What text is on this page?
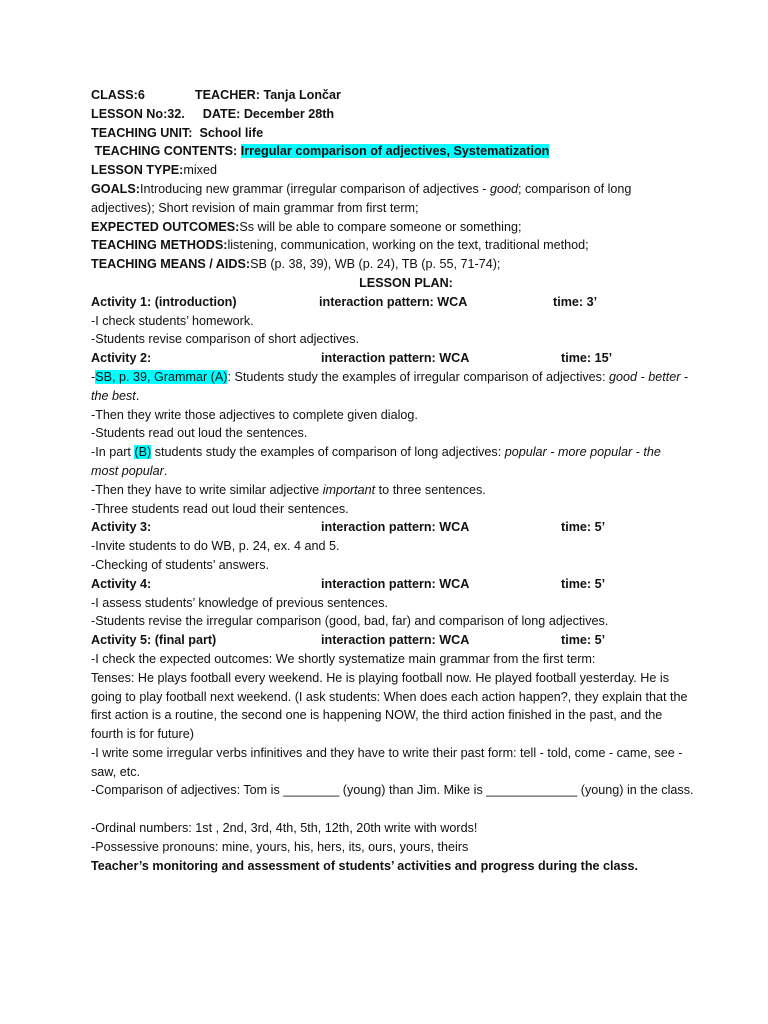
CLASS:6	TEACHER: Tanja Lončar
LESSON No:32. DATE: December 28th
TEACHING UNIT: School life
TEACHING CONTENTS: Irregular comparison of adjectives, Systematization
LESSON TYPE:mixed
GOALS:Introducing new grammar (irregular comparison of adjectives - good; comparison of long
adjectives); Short revision of main grammar from first term;
EXPECTED OUTCOMES:Ss will be able to compare someone or something;
TEACHING METHODS:listening, communication, working on the text, traditional method;
TEACHING MEANS / AIDS:SB (p. 38, 39), WB (p. 24), TB (p. 55, 71-74);
LESSON PLAN:
Activity 1: (introduction)	interaction pattern: WCA	time: 3’
-I check students’ homework.
-Students revise comparison of short adjectives.
Activity 2:	interaction pattern: WCA	time: 15’
-SB, p. 39, Grammar (A): Students study the examples of irregular comparison of adjectives: good - better -
the best.
-Then they write those adjectives to complete given dialog.
-Students read out loud the sentences.
-In part (B) students study the examples of comparison of long adjectives: popular - more popular - the
most popular.
-Then they have to write similar adjective important to three sentences.
-Three students read out loud their sentences.
Activity 3:	interaction pattern: WCA	time: 5’
-Invite students to do WB, p. 24, ex. 4 and 5.
-Checking of students’ answers.
Activity 4:	interaction pattern: WCA	time: 5’
-I assess students’ knowledge of previous sentences.
-Students revise the irregular comparison (good, bad, far) and comparison of long adjectives.
Activity 5: (final part)	interaction pattern: WCA	time: 5’
-I check the expected outcomes: We shortly systematize main grammar from the first term:
Tenses: He plays football every weekend. He is playing football now. He played football yesterday. He is
going to play football next weekend. (I ask students: When does each action happen?, they explain that the
first action is a routine, the second one is happening NOW, the third action finished in the past, and the
fourth is for future)
-I write some irregular verbs infinitives and they have to write their past form: tell - told, come - came, see -
saw, etc.
-Comparison of adjectives: Tom is ________ (young) than Jim. Mike is _____________ (young) in the class.
-Ordinal numbers: 1st , 2nd, 3rd, 4th, 5th, 12th, 20th write with words!
-Possessive pronouns: mine, yours, his, hers, its, ours, yours, theirs
Teacher’s monitoring and assessment of students’ activities and progress during the class.
